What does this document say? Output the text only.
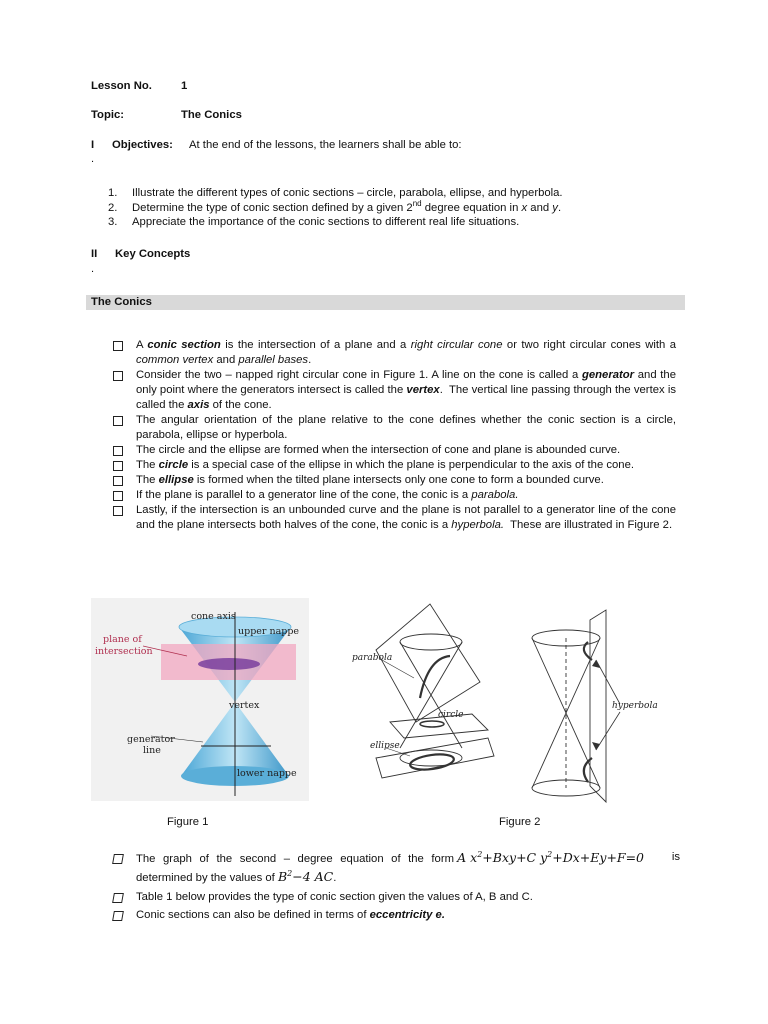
Lesson No.	1
Topic:	The Conics
I Objectives: At the end of the lessons, the learners shall be able to:
.
1. Illustrate the different types of conic sections – circle, parabola, ellipse, and hyperbola.
2. Determine the type of conic section defined by a given 2nd degree equation in x and y.
3. Appreciate the importance of the conic sections to different real life situations.
II Key Concepts
.
The Conics
A conic section is the intersection of a plane and a right circular cone or two right circular cones with a common vertex and parallel bases.
Consider the two – napped right circular cone in Figure 1. A line on the cone is called a generator and the only point where the generators intersect is called the vertex.  The vertical line passing through the vertex is called the axis of the cone.
The angular orientation of the plane relative to the cone defines whether the conic section is a circle, parabola, ellipse or hyperbola.
The circle and the ellipse are formed when the intersection of cone and plane is abounded curve.
The circle is a special case of the ellipse in which the plane is perpendicular to the axis of the cone.
The ellipse is formed when the tilted plane intersects only one cone to form a bounded curve.
If the plane is parallel to a generator line of the cone, the conic is a parabola.
Lastly, if the intersection is an unbounded curve and the plane is not parallel to a generator line of the cone and the plane intersects both halves of the cone, the conic is a hyperbola.  These are illustrated in Figure 2.
cone axis
upper nappe
plane of
intersection
vertex
generator
line
lower nappe
parabola
circle
ellipse
hyperbola
Figure 1	Figure 2
The graph of the second – degree equation of the form A $x^2+Bxy+C$ $y^2+Dx+Ey+F=0$ is

determined by the values of $B^2-4$ AC.
Table 1 below provides the type of conic section given the values of A, B and C.
Conic sections can also be defined in terms of eccentricity e.
